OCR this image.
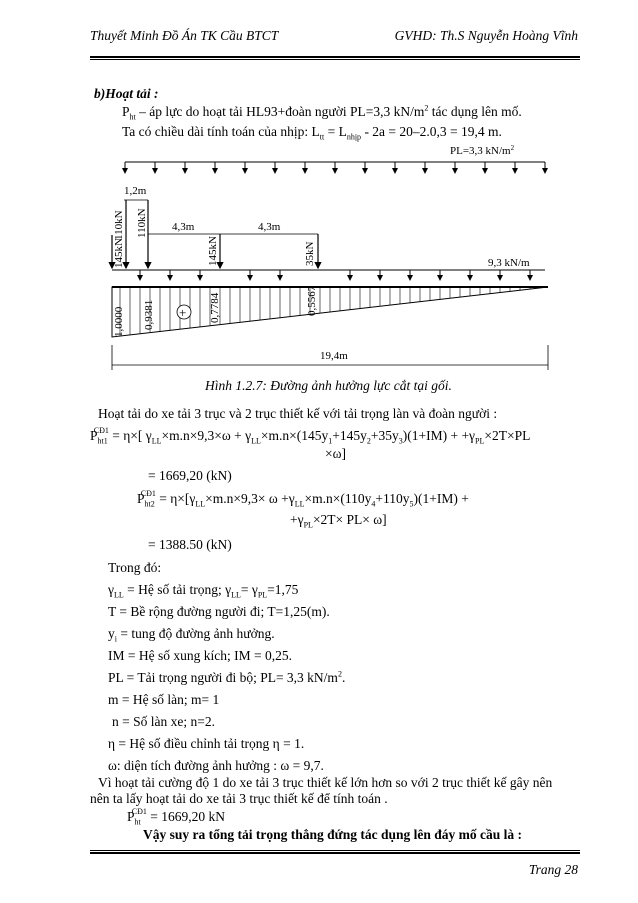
Thuyết Minh Đồ Án TK Cầu BTCT	GVHD: Th.S Nguyễn Hoàng Vĩnh
b)Hoạt tải :
$P_{ht}$ – áp lực do hoạt tải HL93+đoàn người PL=3,3 $kN/m^2$ tác dụng lên mố.
Ta có chiều dài tính toán của nhịp: $L_{tt} = L_{nhịp} - 2a = 20-2.0,3 = 19,4$ m.
PL=3,3 $kN/m^2$
1,2m
110kN 110kN
145kN
4,3m	4,3m
145kN	35kN	9,3 kN/m
1,0000 0,9381	0,7784	0,5567
+
19,4m
Hình 1.2.7: Đường ảnh hưởng lực cắt tại gối.
Hoạt tải do xe tải 3 trục và 2 trục thiết kế với tải trọng làn và đoàn người :
$P_{ht1}^{CĐ1} = \eta\times$[ $\gamma_{LL}\times m.n\times 9,3\times\omega + \gamma_{LL}\times m.n\times(145y_1+145y_2+35y_3)(1+IM) + +\gamma_{PL}\times 2T\times PL$
×ω]
= 1669,20 (kN)
$P_{ht2}^{CĐ1} = \eta\times[\gamma_{LL}\times m.n\times 9,3\times \omega +\gamma_{LL}\times m.n\times(110y_4+110y_5)(1+IM)$ +
$+\gamma_{PL}\times 2T\times PL\times \omega$]
= 1388.50 (kN)
Trong đó:
$\gamma_{LL}$ = Hệ số tải trọng; $\gamma_{LL}= \gamma_{PL}=1,75$
T = Bề rộng đường người đi; T=1,25(m).
$y_i$ = tung độ đường ảnh hưởng.
IM = Hệ số xung kích; IM = 0,25.
PL = Tải trọng người đi bộ; PL= 3,3 $kN/m^2$.
m = Hệ số làn; m= 1
n = Số làn xe; n=2.
η = Hệ số điều chỉnh tải trọng η = 1.
ω: diện tích đường ảnh hưởng : ω = 9,7.
Vì hoạt tải cường độ 1 do xe tải 3 trục thiết kế lớn hơn so với 2 trục thiết kế gây nên
nên ta lấy hoạt tải do xe tải 3 trục thiết kế để tính toán .
$P_{ht}^{CĐ1} = 1669,20$ kN
Vậy suy ra tổng tải trọng thẳng đứng tác dụng lên đáy mố cầu là :
Trang 28
